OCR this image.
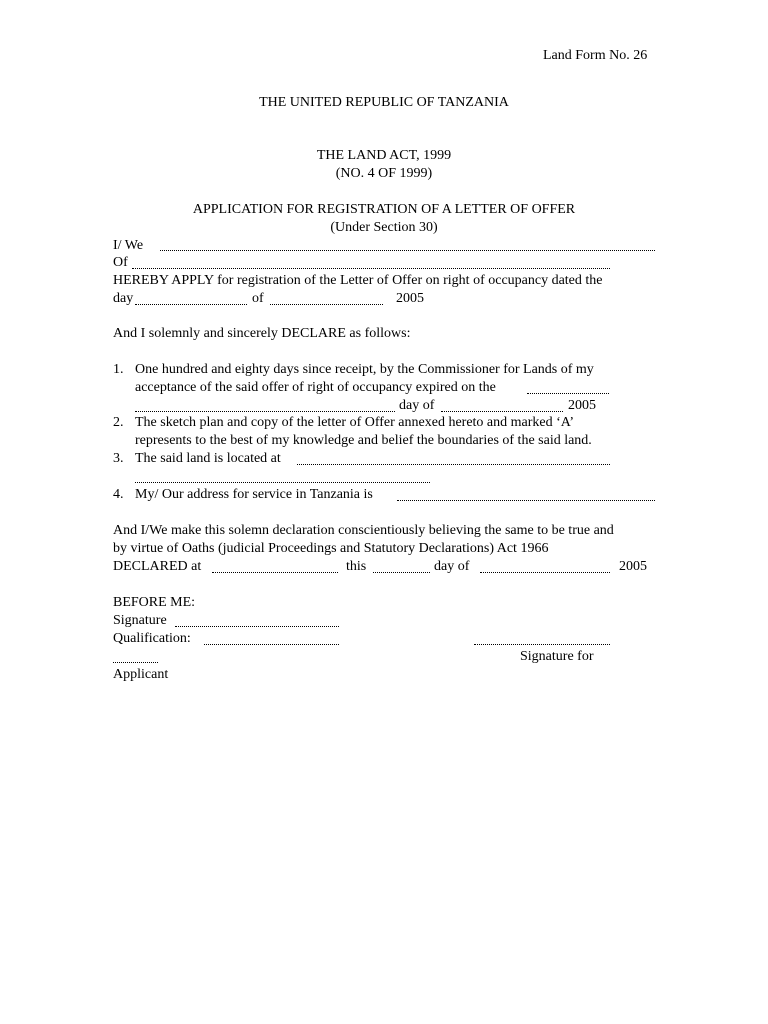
Land Form No. 26
THE UNITED REPUBLIC OF TANZANIA
THE LAND ACT, 1999
(NO. 4 OF 1999)
APPLICATION FOR REGISTRATION OF A LETTER OF OFFER
(Under Section 30)
I/ We
Of
HEREBY APPLY for registration of the Letter of Offer on right of occupancy dated the
day	of	2005
And I solemnly and sincerely DECLARE as follows:
1. One hundred and eighty days since receipt, by the Commissioner for Lands of my
acceptance of the said offer of right of occupancy expired on the
day of	2005
2. The sketch plan and copy of the letter of Offer annexed hereto and marked ‘A’
represents to the best of my knowledge and belief the boundaries of the said land.
3. The said land is located at
4. My/ Our address for service in Tanzania is
And I/We make this solemn declaration conscientiously believing the same to be true and
by virtue of Oaths (judicial Proceedings and Statutory Declarations) Act 1966
DECLARED at	this	day of	2005
BEFORE ME:
Signature
Qualification:
Signature for
Applicant
